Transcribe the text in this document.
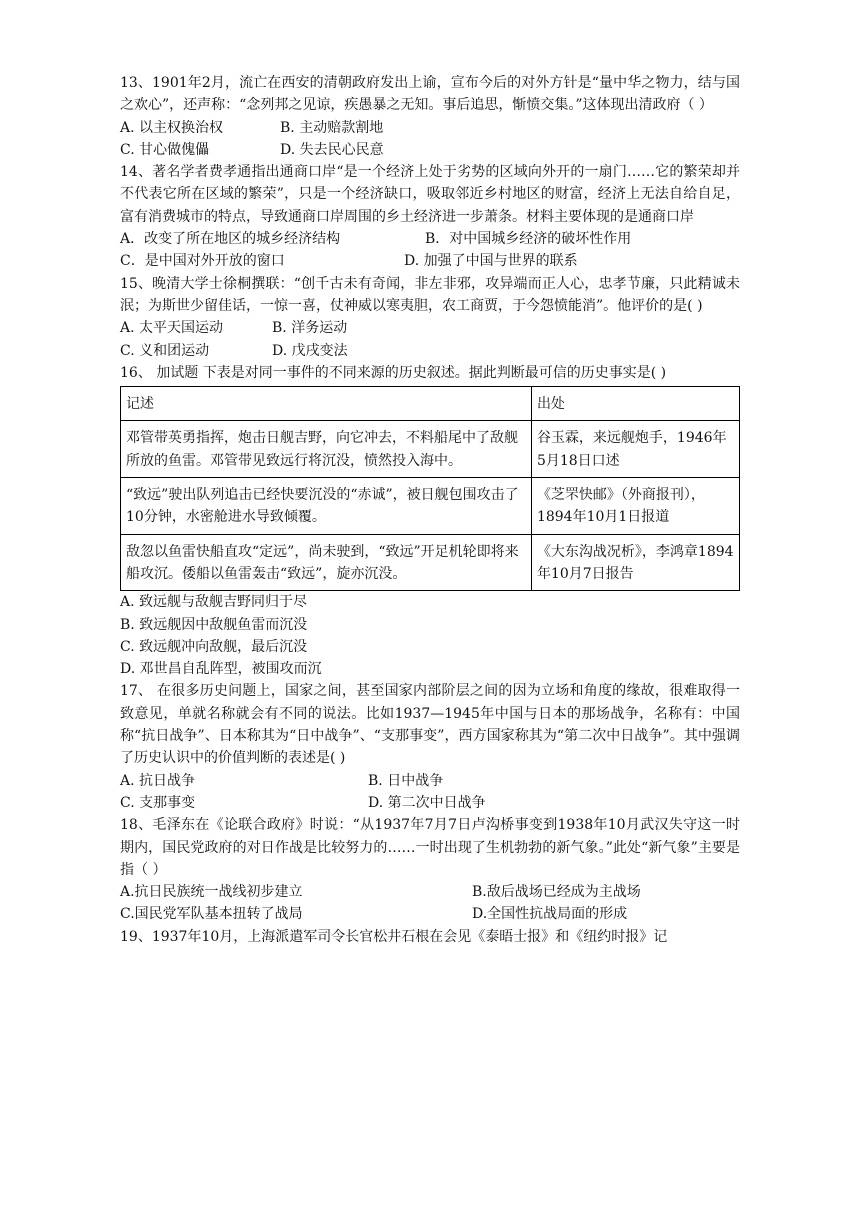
13、1901年2月，流亡在西安的清朝政府发出上谕，宣布今后的对外方针是“量中华之物力，结与国之欢心”，还声称：“念列邦之见谅，疾愚暴之无知。事后追思，惭愤交集。”这体现出清政府（ ）

A. 以主权换治权	B. 主动赔款割地
C. 甘心做傀儡	D. 失去民心民意

14、著名学者费孝通指出通商口岸“是一个经济上处于劣势的区域向外开的一扇门……它的繁荣却并不代表它所在区域的繁荣”，只是一个经济缺口，吸取邻近乡村地区的财富，经济上无法自给自足，富有消费城市的特点，导致通商口岸周围的乡土经济进一步萧条。材料主要体现的是通商口岸

A．改变了所在地区的城乡经济结构	B．对中国城乡经济的破坏性作用
C．是中国对外开放的窗口	D. 加强了中国与世界的联系

15、晚清大学士徐桐撰联：“创千古未有奇闻，非左非邪，攻异端而正人心，忠孝节廉，只此精诚未泯；为斯世少留佳话，一惊一喜，仗神威以寒夷胆，农工商贾，于今怨愤能消”。他评价的是( )

A. 太平天国运动	B. 洋务运动
C. 义和团运动	D. 戊戌变法

16、 加试题 下表是对同一事件的不同来源的历史叙述。据此判断最可信的历史事实是( )

记述	出处
邓管带英勇指挥，炮击日舰吉野，向它冲去，不料船尾中了敌舰所放的鱼雷。邓管带见致远行将沉没，愤然投入海中。	谷玉霖，来远舰炮手，1946年5月18日口述
“致远”驶出队列追击已经快要沉没的“赤诚”，被日舰包围攻击了10分钟，水密舱进水导致倾覆。	《芝罘快邮》（外商报刊），1894年10月1日报道
敌忽以鱼雷快船直攻“定远”，尚未驶到，“致远”开足机轮即将来船攻沉。倭船以鱼雷轰击“致远”，旋亦沉没。	《大东沟战况析》，李鸿章1894年10月7日报告

A. 致远舰与敌舰吉野同归于尽

B. 致远舰因中敌舰鱼雷而沉没

C. 致远舰冲向敌舰，最后沉没

D. 邓世昌自乱阵型，被围攻而沉

17、 在很多历史问题上，国家之间，甚至国家内部阶层之间的因为立场和角度的缘故，很难取得一致意见，单就名称就会有不同的说法。比如1937—1945年中国与日本的那场战争，名称有：中国称“抗日战争”、日本称其为“日中战争”、“支那事变”，西方国家称其为“第二次中日战争”。其中强调了历史认识中的价值判断的表述是( )

A. 抗日战争	B. 日中战争
C. 支那事变	D. 第二次中日战争

18、毛泽东在《论联合政府》时说：“从1937年7月7日卢沟桥事变到1938年10月武汉失守这一时期内，国民党政府的对日作战是比较努力的……一时出现了生机勃勃的新气象。”此处“新气象”主要是指（ ）

A.抗日民族统一战线初步建立	B.敌后战场已经成为主战场
C.国民党军队基本扭转了战局	D.全国性抗战局面的形成

19、1937年10月，上海派遣军司令长官松井石根在会见《泰晤士报》和《纽约时报》记
